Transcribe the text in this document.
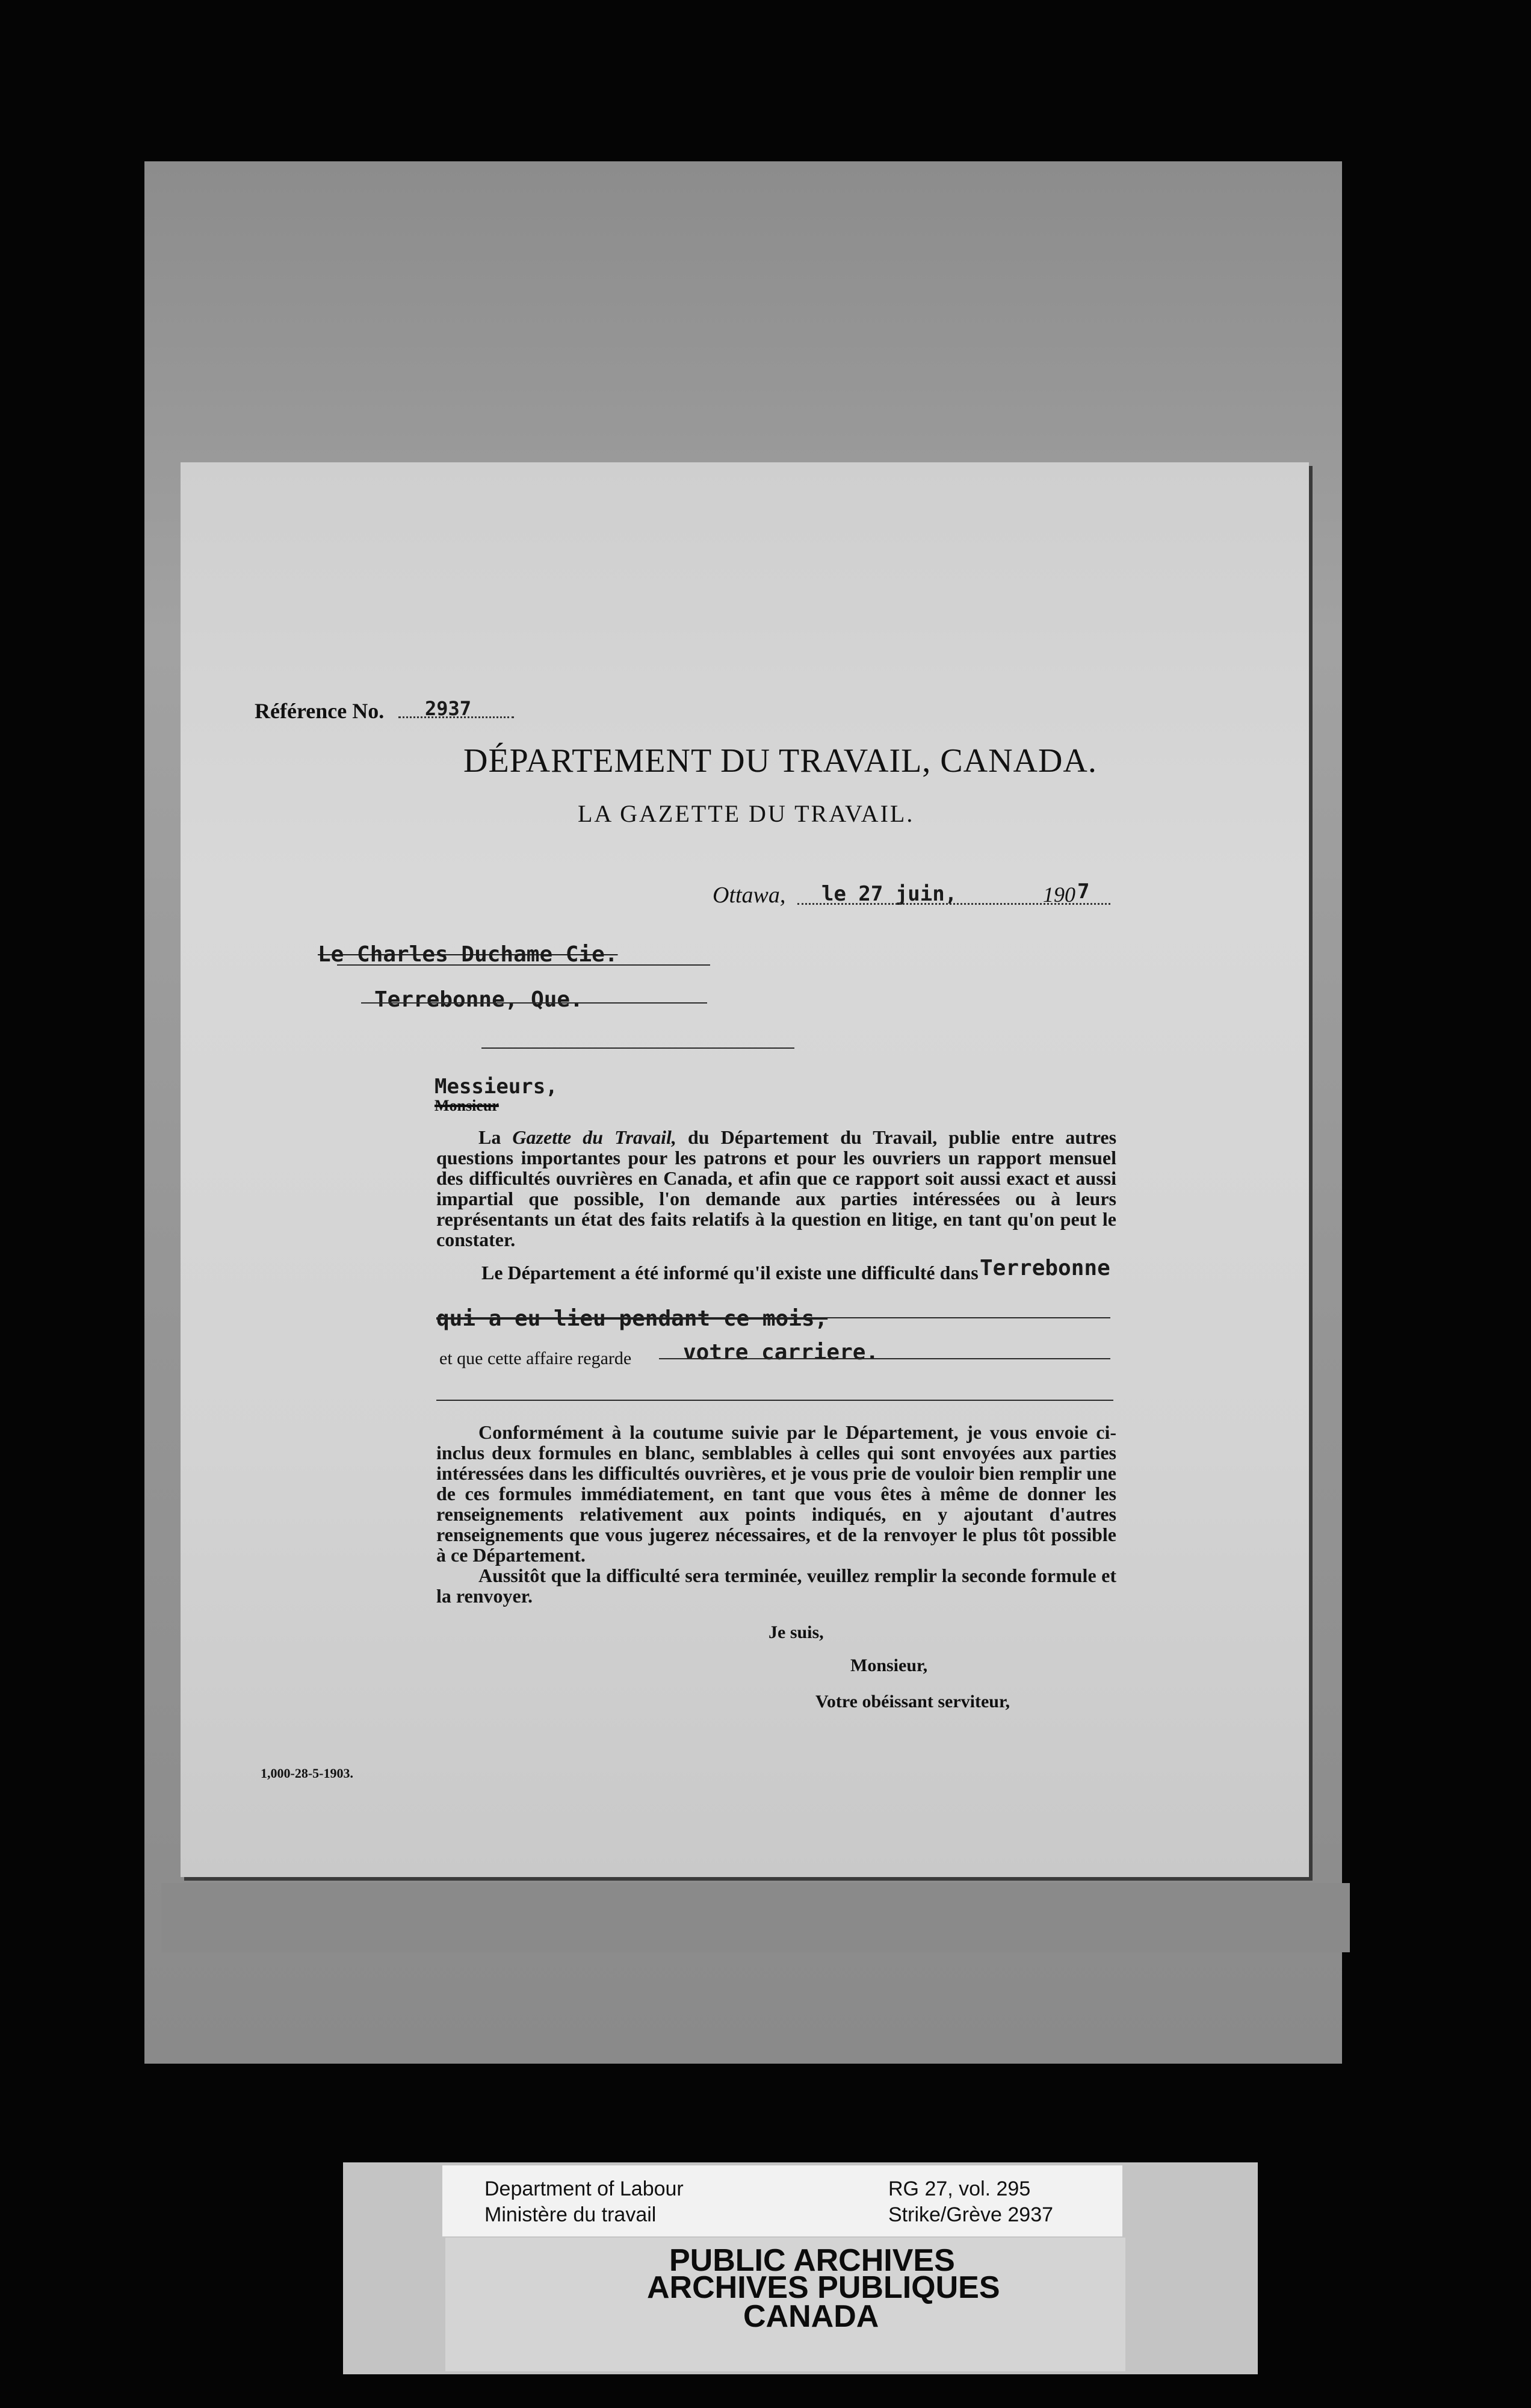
Référence No. 2937
DÉPARTEMENT DU TRAVAIL, CANADA.
LA GAZETTE DU TRAVAIL.
Ottawa, le 27 juin,	190 7
Le Charles Duchame Cie.
Terrebonne, Que.
Messieurs,
Monsieur
La Gazette du Travail, du Département du Travail, publie entre autres questions importantes pour les patrons et pour les ouvriers un rapport mensuel des difficultés ouvrières en Canada, et afin que ce rapport soit aussi exact et aussi impartial que possible, l'on demande aux parties intéressées ou à leurs représentants un état des faits relatifs à la question en litige, en tant qu'on peut le constater.
Le Département a été informé qu'il existe une difficulté dans Terrebonne
qui a eu lieu pendant ce mois,
et que cette affaire regarde votre carriere.
Conformément à la coutume suivie par le Département, je vous envoie ci-inclus deux formules en blanc, semblables à celles qui sont envoyées aux parties intéressées dans les difficultés ouvrières, et je vous prie de vouloir bien remplir une de ces formules immédiatement, en tant que vous êtes à même de donner les renseignements relativement aux points indiqués, en y ajoutant d'autres renseignements que vous jugerez nécessaires, et de la renvoyer le plus tôt possible à ce Département.
Aussitôt que la difficulté sera terminée, veuillez remplir la seconde formule et la renvoyer.
Je suis,
Monsieur,
Votre obéissant serviteur,
1,000-28-5-1903.
Department of Labour
Ministère du travail
RG 27, vol. 295
Strike/Grève 2937
PUBLIC ARCHIVES
ARCHIVES PUBLIQUES
CANADA
